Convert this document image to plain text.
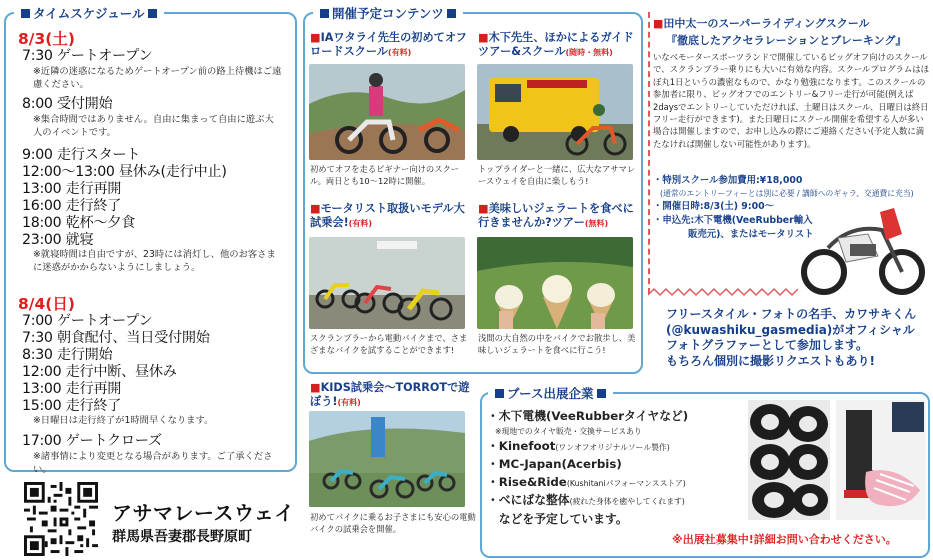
タイムスケジュール
8/3(土)
7:30 ゲートオープン
※近隣の迷惑になるためゲートオープン前の路上待機はご遠慮ください。
8:00 受付開始
※集合時間ではありません。自由に集まって自由に遊ぶ大人のイベントです。
9:00 走行スタート
12:00～13:00 昼休み(走行中止)
13:00 走行再開
16:00 走行終了
18:00 乾杯～夕食
23:00 就寝
※就寝時間は自由ですが、23時には消灯し、他のお客さまに迷惑がかからないようにしましょう。
8/4(日)
7:00 ゲートオープン
7:30 朝食配付、当日受付開始
8:30 走行開始
12:00 走行中断、昼休み
13:00 走行再開
15:00 走行終了
※日曜日は走行終了が1時間早くなります。
17:00 ゲートクローズ
※諸事情により変更となる場合があります。ご了承ください。
アサマレースウェイ
群馬県吾妻郡長野原町
開催予定コンテンツ
■IAワタライ先生の初めてオフロードスクール(有料)
初めてオフを走るビギナー向けのスクール。両日とも10～12時に開催。
■木下先生、ほかによるガイドツアー&スクール(随時・無料)
トップライダーと一緒に、広大なアサマレースウェイを自由に楽しもう!
■モータリスト取扱いモデル大試乗会!(有料)
スクランブラーから電動バイクまで、さまざまなバイクを試することができます!
■美味しいジェラートを食べに行きませんか?ツアー(無料)
浅間の大自然の中をバイクでお散歩し、美味しいジェラートを食べに行こう!
■KIDS試乗会～TORROTで遊ぼう!(有料)
初めてバイクに乗るお子さまにも安心の電動バイクの試乗会を開催。
■田中太一のスーパーライディングスクール
『徹底したアクセラレーションとブレーキング』
いなべモータースポーツランドで開催しているビッグオフ向けのスクールで、スクランブラー乗りにも大いに有効な内容。スクールプログラムはほぼ丸1日というの濃密なもので、かなり勉強になります。このスクールの参加者に限り、ビッグオフでのエントリー&フリー走行が可能(例えば2daysでエントリーしていただければ、土曜日はスクール、日曜日は終日フリー走行ができます)。また日曜日にスクール開催を希望する人が多い場合は開催しますので、お申し込みの際にご連絡ください(予定人数に満たなければ開催しない可能性があります)。
・特別スクール参加費用:¥18,000
(通常のエントリーフィーとは別に必要 / 講師へのギャラ、交通費に充当)
・開催日時:8/3(土) 9:00～
・申込先:木下電機(VeeRubber輸入
販売元)、またはモータリスト
フリースタイル・フォトの名手、カワサキくん
(@kuwashiku_gasmedia)がオフィシャル
フォトグラファーとして参加します。
もちろん個別に撮影リクエストもあり!
ブース出展企業
・木下電機(VeeRubberタイヤなど)
※現地でのタイヤ販売・交換サービスあり
・Kinefoot(ワンオフオリジナルソール製作)
・MC-Japan(Acerbis)
・Rise&Ride(Kushitaniパフォーマンスストア)
・べにばな整体(疲れた身体を癒やしてくれます)
　などを予定しています。
※出展社募集中!詳細お問い合わせください。
